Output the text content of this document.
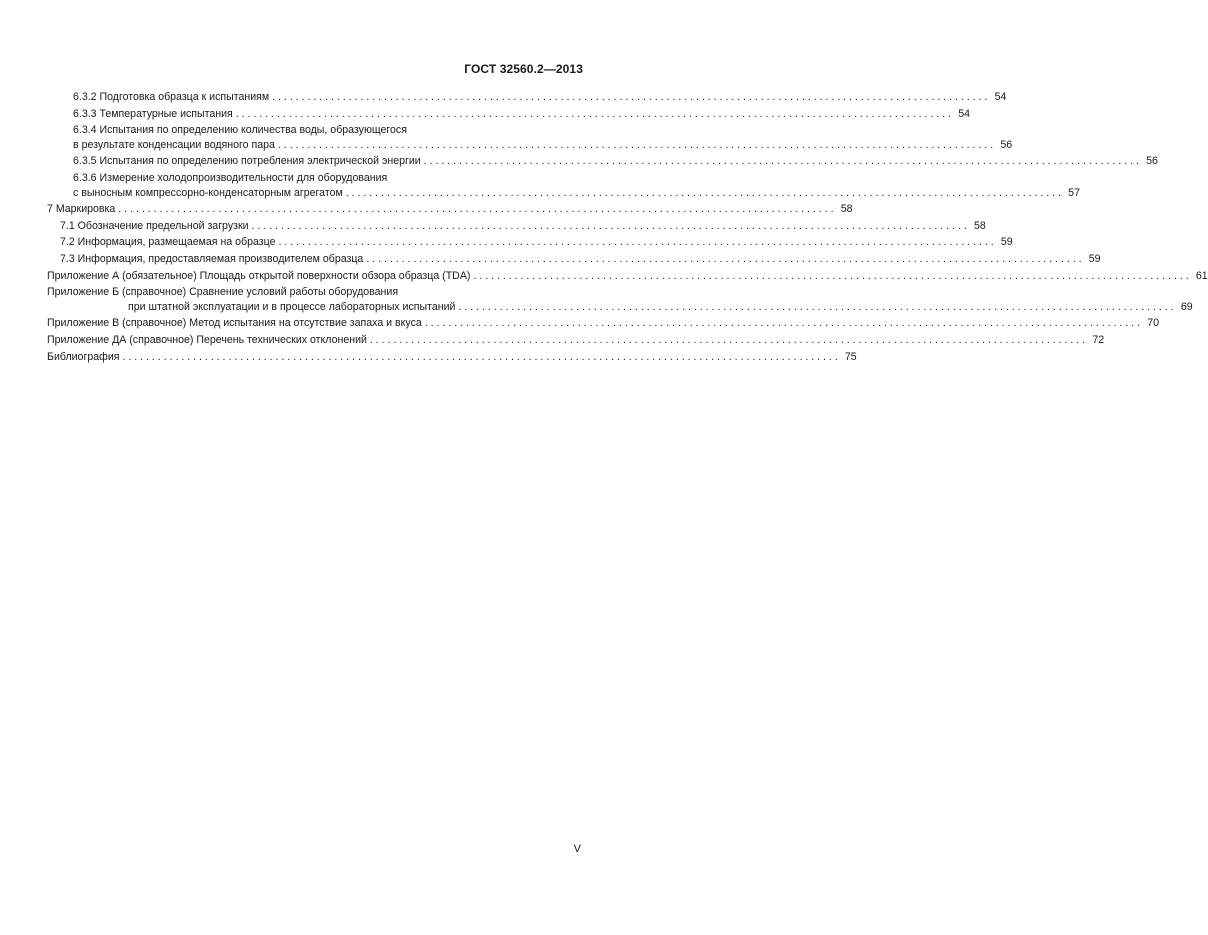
ГОСТ 32560.2—2013
6.3.2 Подготовка образца к испытаниям . . .	54
6.3.3 Температурные испытания . . .	54
6.3.4 Испытания по определению количества воды, образующегося
в результате конденсации водяного пара . . .	56
6.3.5 Испытания по определению потребления электрической энергии . . .	56
6.3.6 Измерение холодопроизводительности для оборудования
с выносным компрессорно-конденсаторным агрегатом . . .	57
7 Маркировка . . .	58
7.1 Обозначение предельной загрузки . . .	58
7.2 Информация, размещаемая на образце . . .	59
7.3 Информация, предоставляемая производителем образца . . .	59
Приложение А (обязательное) Площадь открытой поверхности обзора образца (TDA) . . .	61
Приложение Б (справочное) Сравнение условий работы оборудования
при штатной эксплуатации и в процессе лабораторных испытаний . . .	69
Приложение В (справочное) Метод испытания на отсутствие запаха и вкуса . . .	70
Приложение ДА (справочное) Перечень технических отклонений . . .	72
Библиография . . .	75
V
